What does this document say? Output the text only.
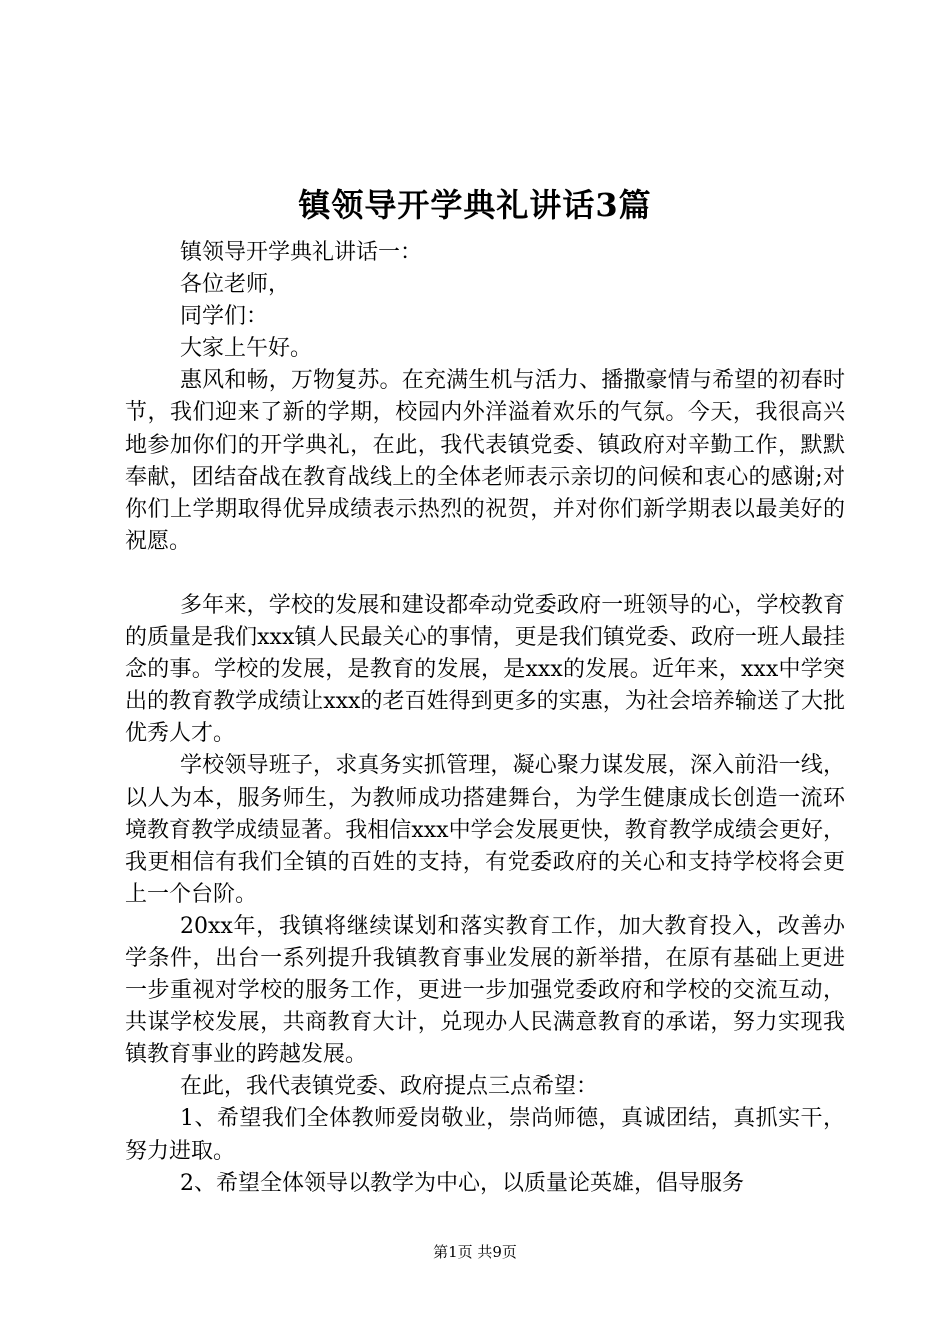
镇领导开学典礼讲话3篇

镇领导开学典礼讲话一：

各位老师，

同学们：

大家上午好。

惠风和畅，万物复苏。在充满生机与活力、播撒豪情与希望的初春时节，我们迎来了新的学期，校园内外洋溢着欢乐的气氛。今天，我很高兴地参加你们的开学典礼，在此，我代表镇党委、镇政府对辛勤工作，默默奉献，团结奋战在教育战线上的全体老师表示亲切的问候和衷心的感谢;对你们上学期取得优异成绩表示热烈的祝贺，并对你们新学期表以最美好的祝愿。

多年来，学校的发展和建设都牵动党委政府一班领导的心，学校教育的质量是我们xxx镇人民最关心的事情，更是我们镇党委、政府一班人最挂念的事。学校的发展，是教育的发展，是xxx的发展。近年来，xxx中学突出的教育教学成绩让xxx的老百姓得到更多的实惠，为社会培养输送了大批优秀人才。

学校领导班子，求真务实抓管理，凝心聚力谋发展，深入前沿一线，以人为本，服务师生，为教师成功搭建舞台，为学生健康成长创造一流环境教育教学成绩显著。我相信xxx中学会发展更快，教育教学成绩会更好，我更相信有我们全镇的百姓的支持，有党委政府的关心和支持学校将会更上一个台阶。

20xx年，我镇将继续谋划和落实教育工作，加大教育投入，改善办学条件，出台一系列提升我镇教育事业发展的新举措，在原有基础上更进一步重视对学校的服务工作，更进一步加强党委政府和学校的交流互动，共谋学校发展，共商教育大计，兑现办人民满意教育的承诺，努力实现我镇教育事业的跨越发展。

在此，我代表镇党委、政府提点三点希望：

1、希望我们全体教师爱岗敬业，崇尚师德，真诚团结，真抓实干，努力进取。

2、希望全体领导以教学为中心，以质量论英雄，倡导服务

第1页 共9页
